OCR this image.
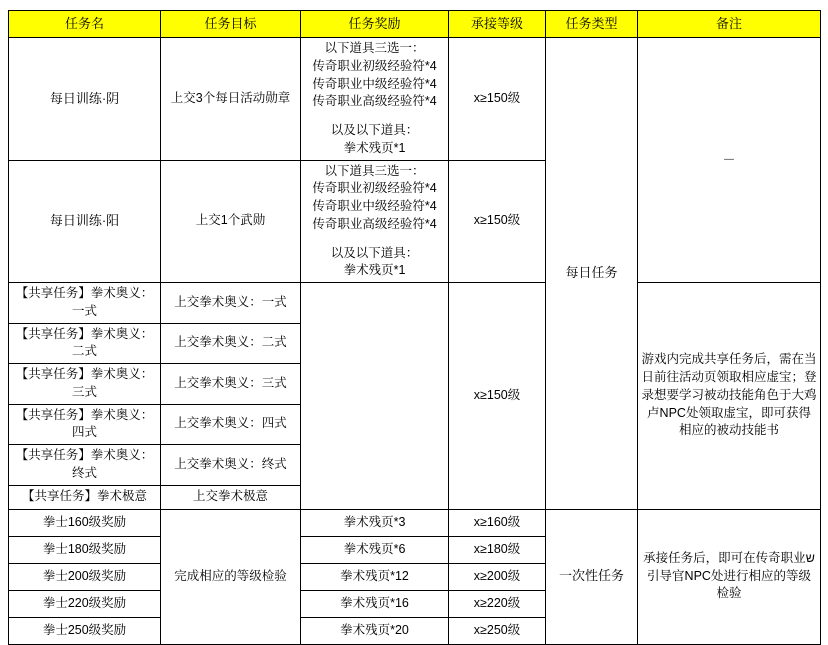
任务名	任务目标	任务奖励	承接等级	任务类型	备注
每日训练·阴	上交3个每日活动勋章	以下道具三选一：
传奇职业初级经验符*4
传奇职业中级经验符*4
传奇职业高级经验符*4
以及以下道具：
拳术残页*1	x≥150级	每日任务	－
每日训练·阳	上交1个武勋	以下道具三选一：
传奇职业初级经验符*4
传奇职业中级经验符*4
传奇职业高级经验符*4
以及以下道具：
拳术残页*1	x≥150级
【共享任务】拳术奥义：一式	上交拳术奥义：一式		x≥150级		游戏内完成共享任务后，需在当日前往活动页领取相应虚宝；登录想要学习被动技能角色于大鸡卢NPC处领取虚宝，即可获得相应的被动技能书
【共享任务】拳术奥义：二式	上交拳术奥义：二式				
【共享任务】拳术奥义：三式	上交拳术奥义：三式				
【共享任务】拳术奥义：四式	上交拳术奥义：四式				
【共享任务】拳术奥义：终式	上交拳术奥义：终式				
【共享任务】拳术极意	上交拳术极意				
拳士160级奖励	完成相应的等级检验	拳术残页*3	x≥160级	一次性任务	承接任务后，即可在传奇职业ש引导官NPC处进行相应的等级检验
拳士180级奖励		拳术残页*6	x≥180级		
拳士200级奖励		拳术残页*12	x≥200级		
拳士220级奖励		拳术残页*16	x≥220级		
拳士250级奖励		拳术残页*20	x≥250级		
